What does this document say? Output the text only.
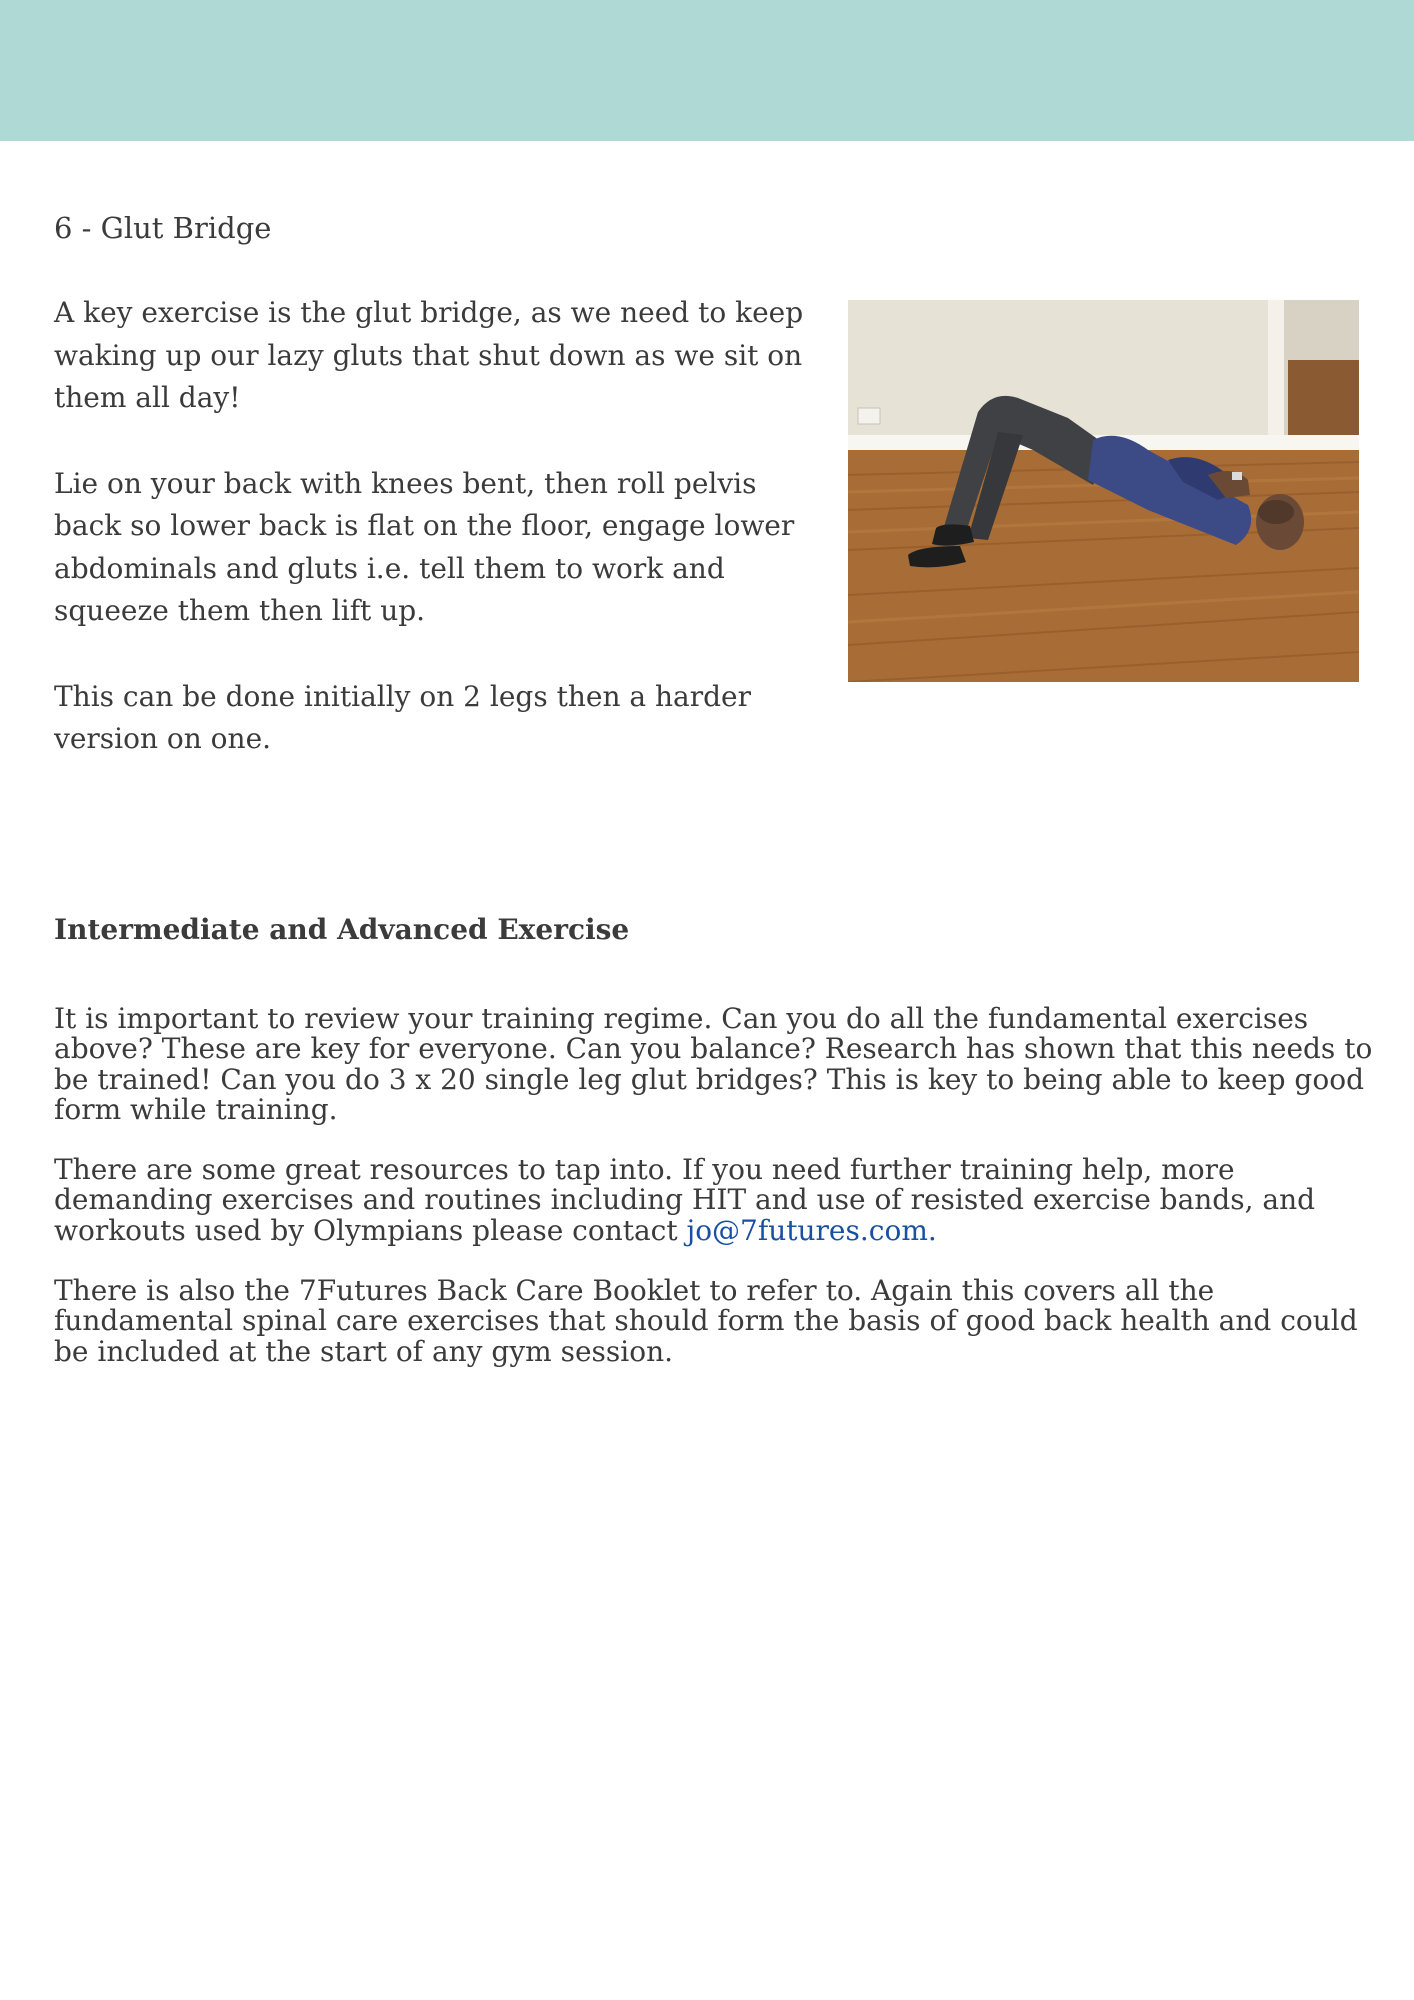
6 - Glut Bridge

A key exercise is the glut bridge, as we need to keep waking up our lazy gluts that shut down as we sit on them all day!

Lie on your back with knees bent, then roll pelvis back so lower back is flat on the floor, engage lower abdominals and gluts i.e. tell them to work and squeeze them then lift up.

This can be done initially on 2 legs then a harder version on one.

Intermediate and Advanced Exercise

It is important to review your training regime. Can you do all the fundamental exercises above? These are key for everyone. Can you balance? Research has shown that this needs to be trained! Can you do 3 x 20 single leg glut bridges? This is key to being able to keep good form while training.

There are some great resources to tap into. If you need further training help, more demanding exercises and routines including HIT and use of resisted exercise bands, and workouts used by Olympians please contact jo@7futures.com.

There is also the 7Futures Back Care Booklet to refer to. Again this covers all the fundamental spinal care exercises that should form the basis of good back health and could be included at the start of any gym session.
